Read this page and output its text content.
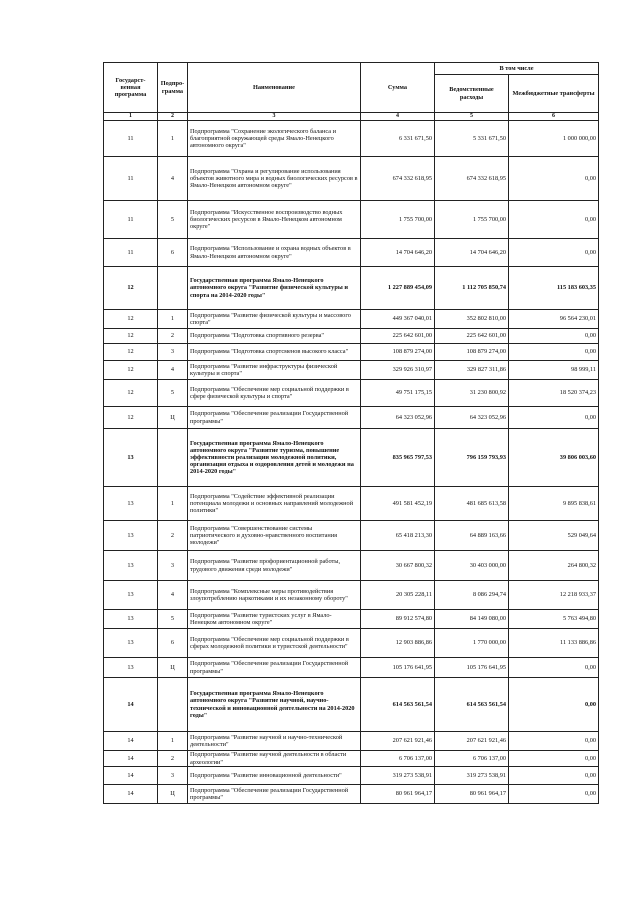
Государст-венная программа	Подпро-грамма	Наименование	Сумма	В том числе	
				Ведомственные расходы	Межбюджетные трансферты
1	2	3	4	5	6
11	1	Подпрограмма "Сохранение экологического баланса и благоприятной окружающей среды Ямало-Ненецкого автономного округа"	6 331 671,50	5 331 671,50	1 000 000,00
11	4	Подпрограмма "Охрана и регулирование использования объектов животного мира и водных биологических ресурсов в Ямало-Ненецком автономном округе"	674 332 618,95	674 332 618,95	0,00
11	5	Подпрограмма "Искусственное воспроизводство водных биологических ресурсов в Ямало-Ненецком автономном округе"	1 755 700,00	1 755 700,00	0,00
11	6	Подпрограмма "Использование и охрана водных объектов в Ямало-Ненецком автономном округе"	14 704 646,20	14 704 646,20	0,00
12		Государственная программа Ямало-Ненецкого автономного округа "Развитие физической культуры и спорта на 2014-2020 годы"	1 227 889 454,09	1 112 705 850,74	115 183 603,35
12	1	Подпрограмма "Развитие физической культуры и массового спорта"	449 367 040,01	352 802 810,00	96 564 230,01
12	2	Подпрограмма "Подготовка спортивного резерва"	225 642 601,00	225 642 601,00	0,00
12	3	Подпрограмма "Подготовка спортсменов высокого класса"	108 879 274,00	108 879 274,00	0,00
12	4	Подпрограмма "Развитие инфраструктуры физической культуры и спорта"	329 926 310,97	329 827 311,86	98 999,11
12	5	Подпрограмма "Обеспечение мер социальной поддержки в сфере физической культуры и спорта"	49 751 175,15	31 230 800,92	18 520 374,23
12	Ц	Подпрограмма "Обеспечение реализации Государственной программы"	64 323 052,96	64 323 052,96	0,00
13		Государственная программа Ямало-Ненецкого автономного округа "Развитие туризма, повышение эффективности реализации молодежной политики, организация отдыха и оздоровления детей и молодежи на 2014-2020 годы"	835 965 797,53	796 159 793,93	39 806 003,60
13	1	Подпрограмма "Содействие эффективной реализации потенциала молодежи и основных направлений молодежной политики"	491 581 452,19	481 685 613,58	9 895 838,61
13	2	Подпрограмма "Совершенствование системы патриотического и духовно-нравственного воспитания молодежи"	65 418 213,30	64 889 163,66	529 049,64
13	3	Подпрограмма "Развитие профориентационной работы, трудового движения среди молодежи"	30 667 800,32	30 403 000,00	264 800,32
13	4	Подпрограмма "Комплексные меры противодействия злоупотреблению наркотиками и их незаконному обороту"	20 305 228,11	8 086 294,74	12 218 933,37
13	5	Подпрограмма "Развитие туристских услуг в Ямало-Ненецком автономном округе"	89 912 574,80	84 149 080,00	5 763 494,80
13	6	Подпрограмма "Обеспечение мер социальной поддержки в сферах молодежной политики и туристской деятельности"	12 903 886,86	1 770 000,00	11 133 886,86
13	Ц	Подпрограмма "Обеспечение реализации Государственной программы"	105 176 641,95	105 176 641,95	0,00
14		Государственная программа Ямало-Ненецкого автономного округа "Развитие научной, научно-технической и инновационной деятельности на 2014-2020 годы"	614 563 561,54	614 563 561,54	0,00
14	1	Подпрограмма "Развитие научной и научно-технической деятельности"	207 621 921,46	207 621 921,46	0,00
14	2	Подпрограмма "Развитие научной деятельности в области археологии"	6 706 137,00	6 706 137,00	0,00
14	3	Подпрограмма "Развитие инновационной деятельности"	319 273 538,91	319 273 538,91	0,00
14	Ц	Подпрограмма "Обеспечение реализации Государственной программы"	80 961 964,17	80 961 964,17	0,00
